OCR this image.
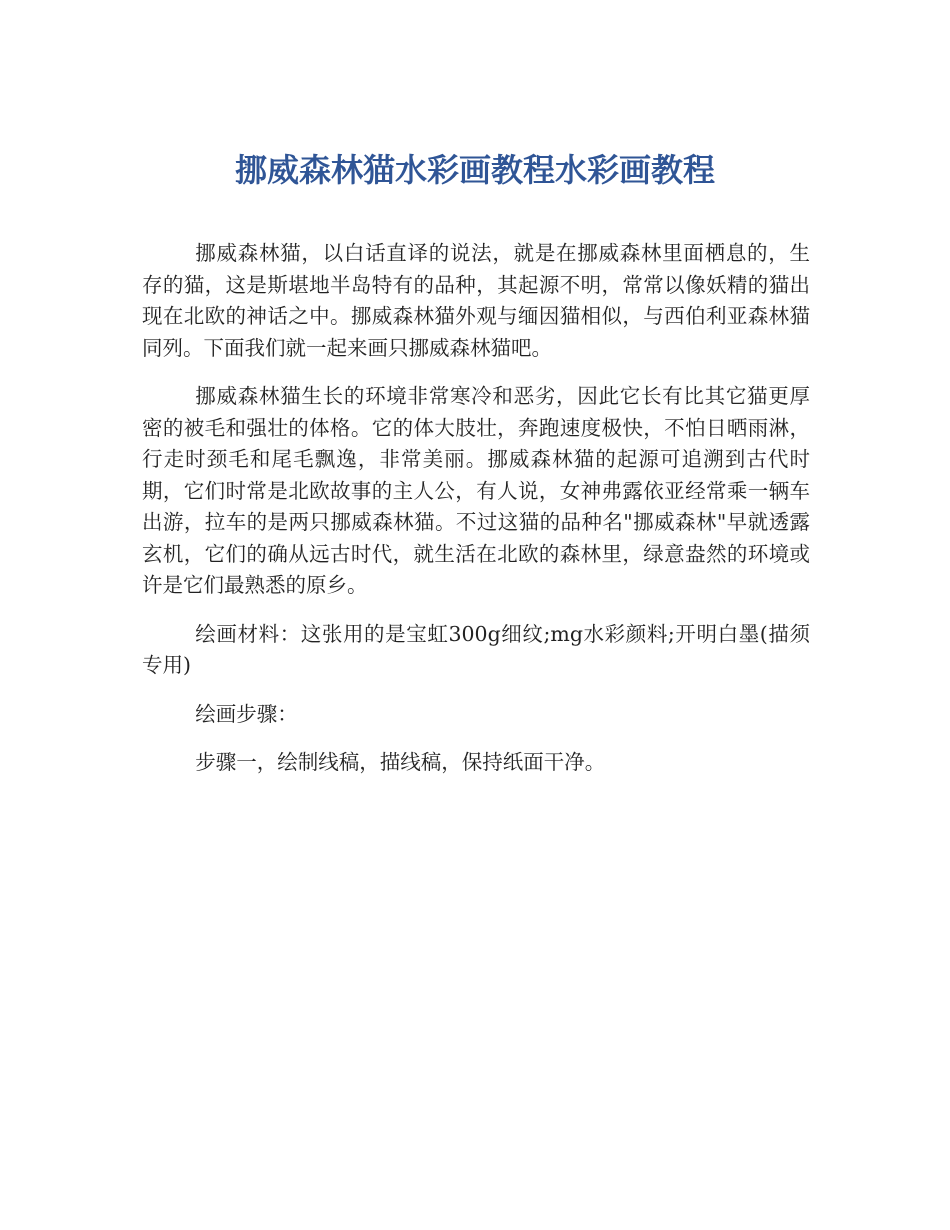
挪威森林猫水彩画教程水彩画教程

挪威森林猫，以白话直译的说法，就是在挪威森林里面栖息的，生存的猫，这是斯堪地半岛特有的品种，其起源不明，常常以像妖精的猫出现在北欧的神话之中。挪威森林猫外观与缅因猫相似，与西伯利亚森林猫同列。下面我们就一起来画只挪威森林猫吧。

挪威森林猫生长的环境非常寒冷和恶劣，因此它长有比其它猫更厚密的被毛和强壮的体格。它的体大肢壮，奔跑速度极快，不怕日晒雨淋，行走时颈毛和尾毛飘逸，非常美丽。挪威森林猫的起源可追溯到古代时期，它们时常是北欧故事的主人公，有人说，女神弗露依亚经常乘一辆车出游，拉车的是两只挪威森林猫。不过这猫的品种名"挪威森林"早就透露玄机，它们的确从远古时代，就生活在北欧的森林里，绿意盎然的环境或许是它们最熟悉的原乡。

绘画材料：这张用的是宝虹300g细纹;mg水彩颜料;开明白墨(描须专用)

绘画步骤：

步骤一，绘制线稿，描线稿，保持纸面干净。
